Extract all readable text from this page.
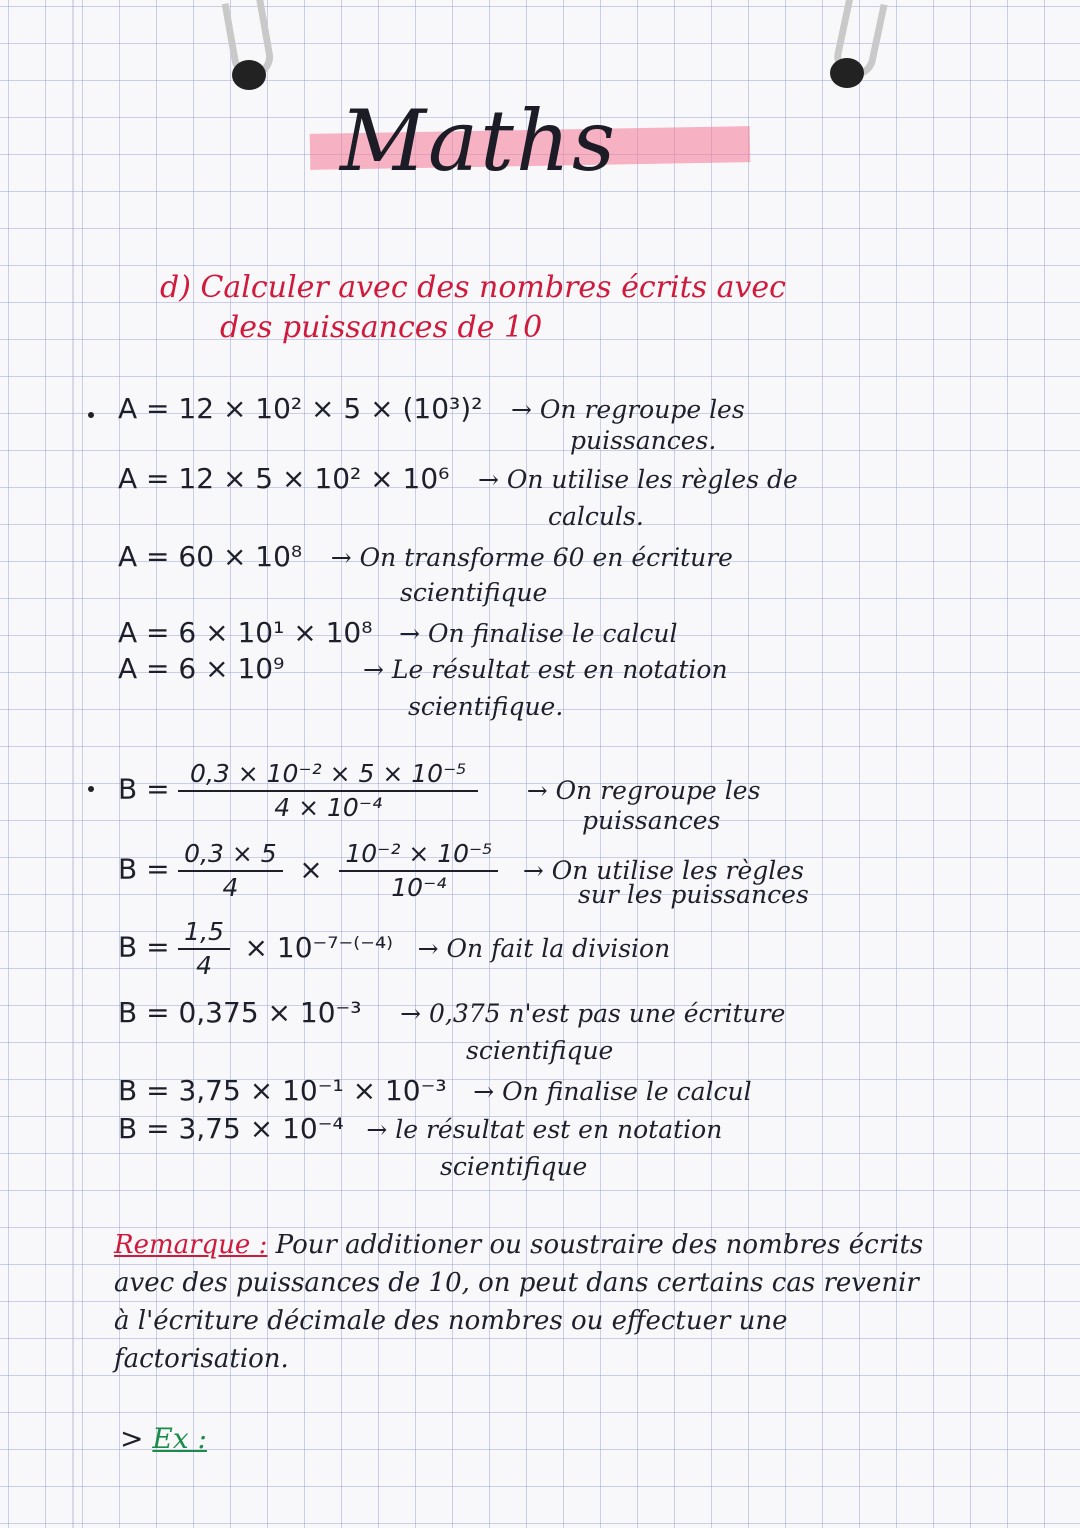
Maths
d) Calculer avec des nombres écrits avec
des puissances de 10
A = 12 × 10² × 5 × (10³)² → On regroupe les
puissances.
A = 12 × 5 × 10² × 10⁶ → On utilise les règles de
calculs.
A = 60 × 10⁸ → On transforme 60 en écriture
scientifique
A = 6 × 10¹ × 10⁸ → On finalise le calcul
A = 6 × 10⁹	→ Le résultat est en notation
scientifique.
$B = \frac{\text{0,3 × 10⁻² × 5 × 10⁻⁵}}{\text{4 × 10⁻⁴}} \to On$ regroupe les
puissances
$B = \frac{0,3 \times 5}{4} \times \frac{\text{10⁻² × 10⁻⁵}}{\text{10⁻⁴}} \to On$ utilise les règles
sur les puissances
$B = \frac{1,5}{4} \times 10^{-7-(-4)} \to On$ fait la division
B = 0,375 × 10⁻³ → 0,375 n'est pas une écriture
scientifique
B = 3,75 × 10⁻¹ × 10⁻³ → On finalise le calcul
B = 3,75 × 10⁻⁴ → le résultat est en notation
scientifique
Remarque : Pour additioner ou soustraire des nombres écrits avec des puissances de 10, on peut dans certains cas revenir à l'écriture décimale des nombres ou effectuer une factorisation.
> Ex :
